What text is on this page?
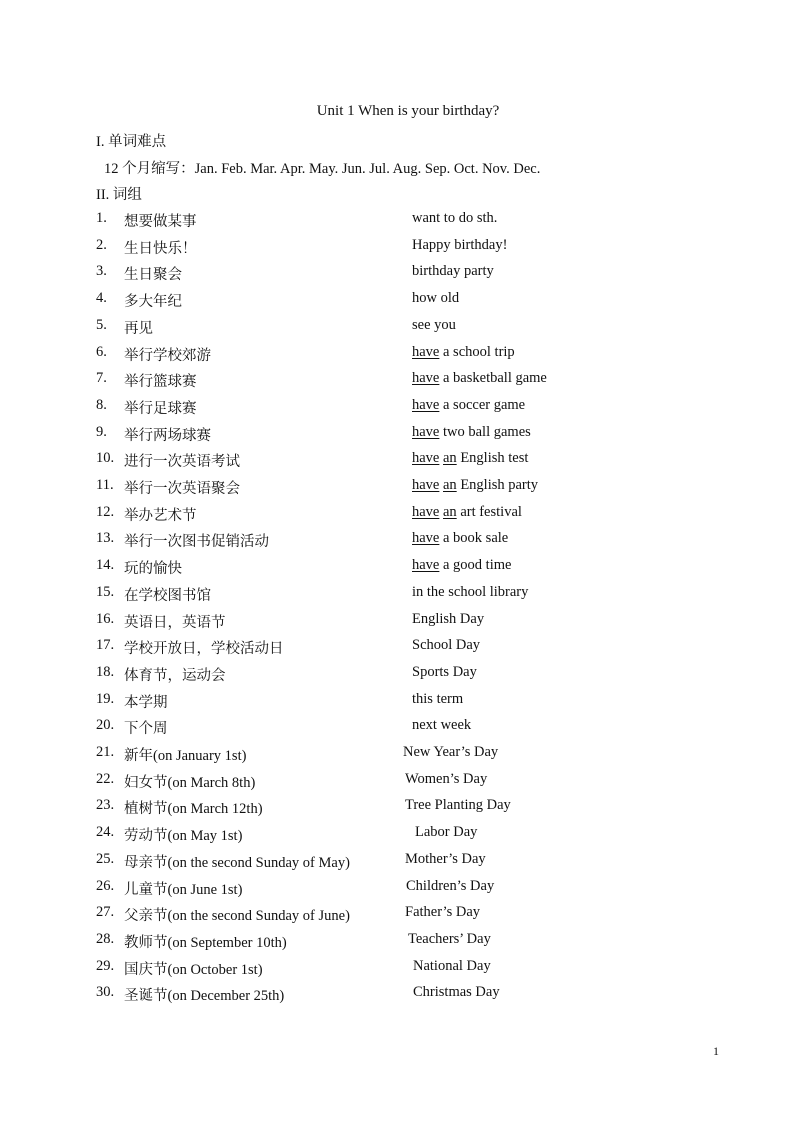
Unit 1 When is your birthday?
I. 单词难点
12 个月缩写：Jan. Feb. Mar. Apr. May. Jun. Jul. Aug. Sep. Oct. Nov. Dec.
II. 词组
1. 想要做某事	want to do sth.
2. 生日快乐！	Happy birthday!
3. 生日聚会	birthday party
4. 多大年纪	how old
5. 再见	see you
6. 举行学校郊游	have a school trip
7. 举行篮球赛	have a basketball game
8. 举行足球赛	have a soccer game
9. 举行两场球赛	have two ball games
10. 进行一次英语考试	have an English test
11. 举行一次英语聚会	have an English party
12. 举办艺术节	have an art festival
13. 举行一次图书促销活动	have a book sale
14. 玩的愉快	have a good time
15. 在学校图书馆	in the school library
16. 英语日，英语节	English Day
17. 学校开放日，学校活动日	School Day
18. 体育节，运动会	Sports Day
19. 本学期	this term
20. 下个周	next week
21. 新年(on January 1st)	New Year’s Day
22. 妇女节(on March 8th)	Women’s Day
23. 植树节(on March 12th)	Tree Planting Day
24. 劳动节(on May 1st)	Labor Day
25. 母亲节(on the second Sunday of May)	Mother’s Day
26. 儿童节(on June 1st)	Children’s Day
27. 父亲节(on the second Sunday of June)	Father’s Day
28. 教师节(on September 10th)	Teachers’ Day
29. 国庆节(on October 1st)	National Day
30. 圣诞节(on December 25th)	Christmas Day
1
